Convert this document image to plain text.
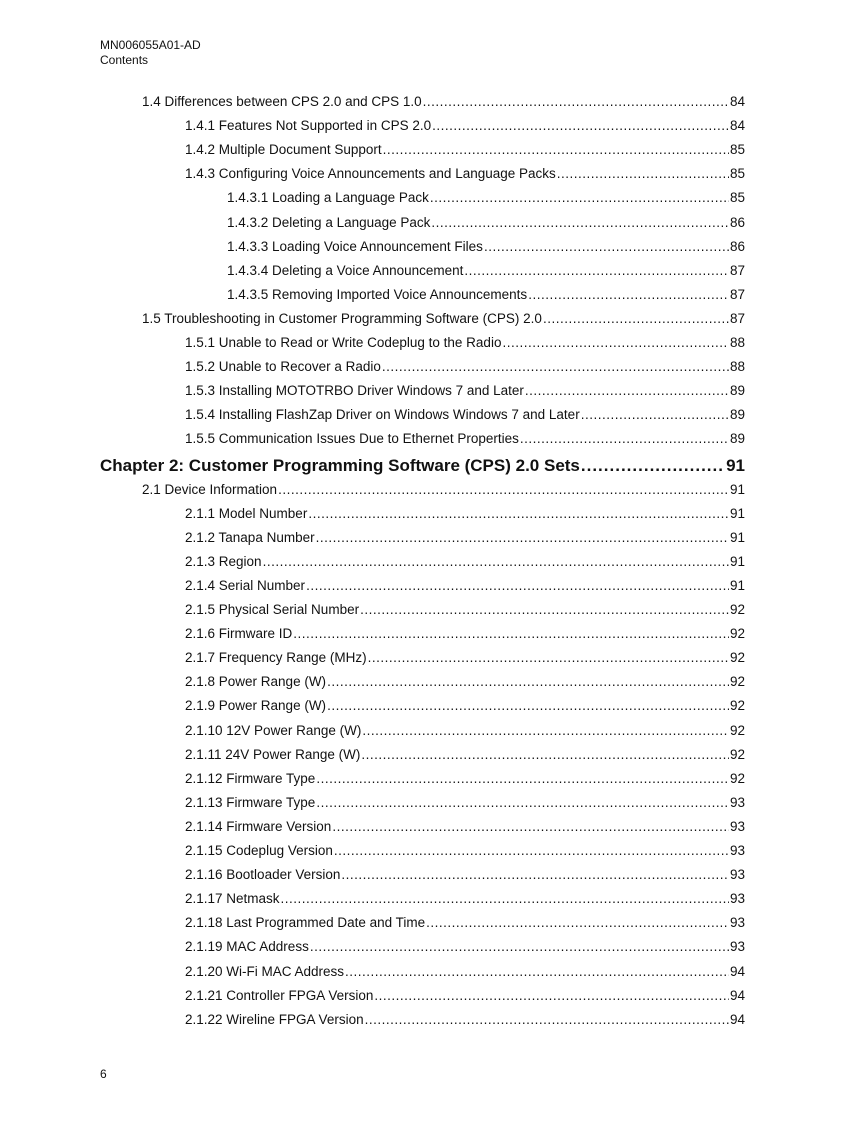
MN006055A01-AD
Contents
1.4 Differences between CPS 2.0 and CPS 1.0 .....	84
1.4.1 Features Not Supported in CPS 2.0 .....	84
1.4.2 Multiple Document Support .....	85
1.4.3 Configuring Voice Announcements and Language Packs .....	85
1.4.3.1 Loading a Language Pack .....	85
1.4.3.2 Deleting a Language Pack .....	86
1.4.3.3 Loading Voice Announcement Files .....	86
1.4.3.4 Deleting a Voice Announcement .....	87
1.4.3.5 Removing Imported Voice Announcements .....	87
1.5 Troubleshooting in Customer Programming Software (CPS) 2.0 .....	87
1.5.1 Unable to Read or Write Codeplug to the Radio .....	88
1.5.2 Unable to Recover a Radio .....	88
1.5.3 Installing MOTOTRBO Driver Windows 7 and Later .....	89
1.5.4 Installing FlashZap Driver on Windows Windows 7 and Later .....	89
1.5.5 Communication Issues Due to Ethernet Properties .....	89
Chapter 2: Customer Programming Software (CPS) 2.0 Sets .....	91
2.1 Device Information .....	91
2.1.1 Model Number .....	91
2.1.2 Tanapa Number .....	91
2.1.3 Region .....	91
2.1.4 Serial Number .....	91
2.1.5 Physical Serial Number .....	92
2.1.6 Firmware ID .....	92
2.1.7 Frequency Range (MHz) .....	92
2.1.8 Power Range (W) .....	92
2.1.9 Power Range (W) .....	92
2.1.10 12V Power Range (W) .....	92
2.1.11 24V Power Range (W) .....	92
2.1.12 Firmware Type .....	92
2.1.13 Firmware Type .....	93
2.1.14 Firmware Version .....	93
2.1.15 Codeplug Version .....	93
2.1.16 Bootloader Version .....	93
2.1.17 Netmask .....	93
2.1.18 Last Programmed Date and Time .....	93
2.1.19 MAC Address .....	93
2.1.20 Wi-Fi MAC Address .....	94
2.1.21 Controller FPGA Version .....	94
2.1.22 Wireline FPGA Version .....	94
6
